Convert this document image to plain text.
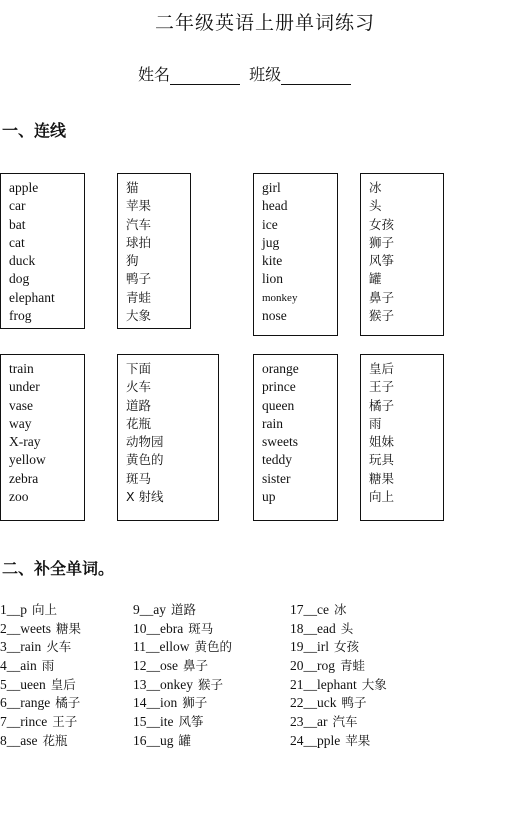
二年级英语上册单词练习
姓名	班级
一、连线
apple
car
bat
cat
duck
dog
elephant
frog
猫
苹果
汽车
球拍
狗
鸭子
青蛙
大象
girl
head
ice
jug
kite
lion
monkey
nose
冰
头
女孩
狮子
风筝
罐
鼻子
猴子
train
under
vase
way
X-ray
yellow
zebra
zoo
下面
火车
道路
花瓶
动物园
黄色的
斑马
X 射线
orange
prince
queen
rain
sweets
teddy
sister
up
皇后
王子
橘子
雨
姐妹
玩具
糖果
向上
二、补全单词。
1__p 向上
2__weets 糖果
3__rain 火车
4__ain 雨
5__ueen 皇后
6__range 橘子
7__rince 王子
8__ase 花瓶
9__ay 道路
10__ebra 斑马
11__ellow 黄色的
12__ose 鼻子
13__onkey 猴子
14__ion 狮子
15__ite 风筝
16__ug 罐
17__ce 冰
18__ead 头
19__irl 女孩
20__rog 青蛙
21__lephant 大象
22__uck 鸭子
23__ar 汽车
24__pple 苹果
